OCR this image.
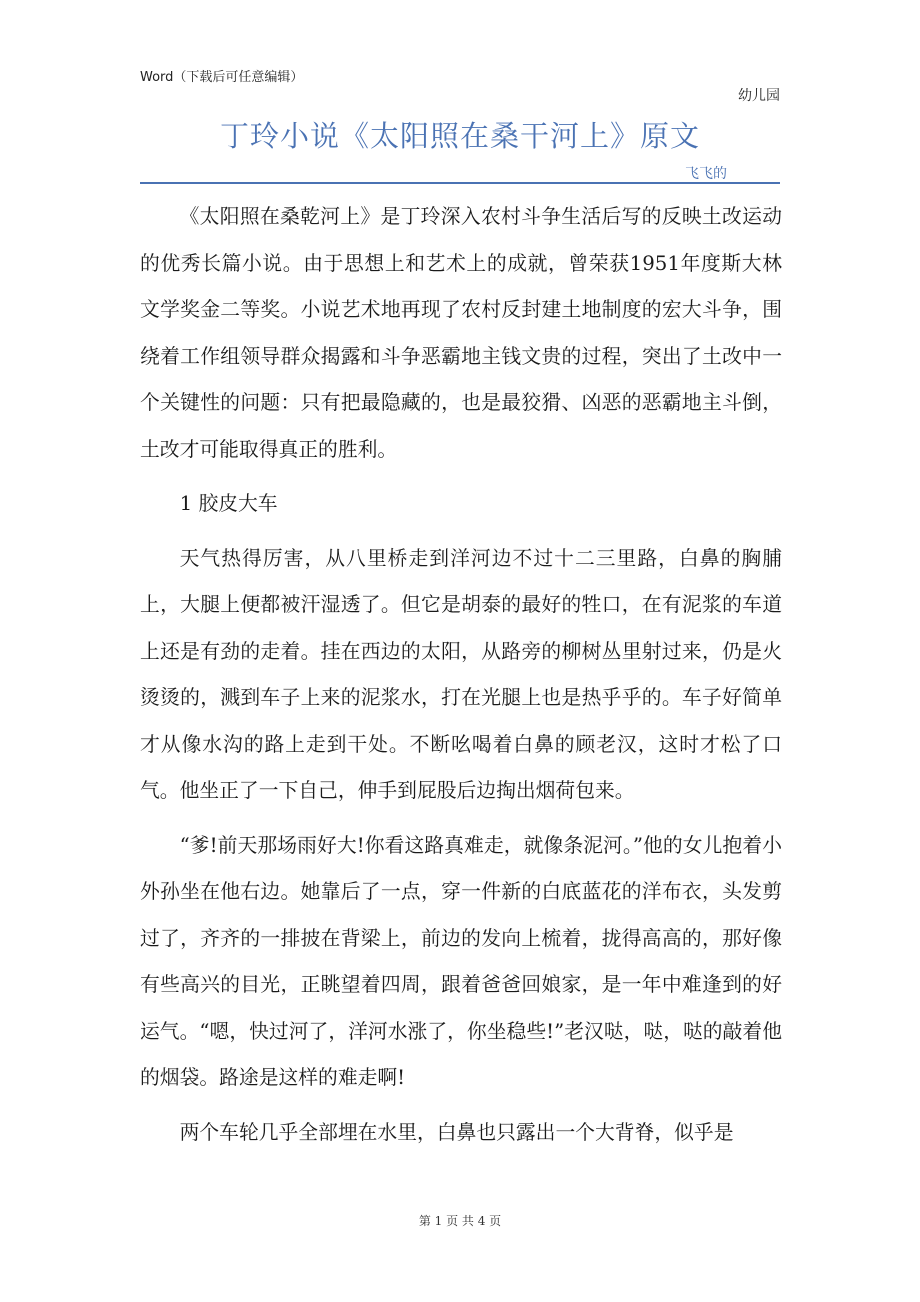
Word（下载后可任意编辑）
幼儿园
丁玲小说《太阳照在桑干河上》原文
飞飞的

《太阳照在桑乾河上》是丁玲深入农村斗争生活后写的反映土改运动的优秀长篇小说。由于思想上和艺术上的成就，曾荣获1951年度斯大林文学奖金二等奖。小说艺术地再现了农村反封建土地制度的宏大斗争，围绕着工作组领导群众揭露和斗争恶霸地主钱文贵的过程，突出了土改中一个关键性的问题：只有把最隐藏的，也是最狡猾、凶恶的恶霸地主斗倒，土改才可能取得真正的胜利。

1 胶皮大车

天气热得厉害，从八里桥走到洋河边不过十二三里路，白鼻的胸脯上，大腿上便都被汗湿透了。但它是胡泰的最好的牲口，在有泥浆的车道上还是有劲的走着。挂在西边的太阳，从路旁的柳树丛里射过来，仍是火烫烫的，溅到车子上来的泥浆水，打在光腿上也是热乎乎的。车子好简单才从像水沟的路上走到干处。不断吆喝着白鼻的顾老汉，这时才松了口气。他坐正了一下自己，伸手到屁股后边掏出烟荷包来。

“爹!前天那场雨好大!你看这路真难走，就像条泥河。”他的女儿抱着小外孙坐在他右边。她靠后了一点，穿一件新的白底蓝花的洋布衣，头发剪过了，齐齐的一排披在背梁上，前边的发向上梳着，拢得高高的，那好像有些高兴的目光，正眺望着四周，跟着爸爸回娘家，是一年中难逢到的好运气。“嗯，快过河了，洋河水涨了，你坐稳些!”老汉哒，哒，哒的敲着他的烟袋。路途是这样的难走啊!

两个车轮几乎全部埋在水里，白鼻也只露出一个大背脊，似乎是

第 1 页 共 4 页
